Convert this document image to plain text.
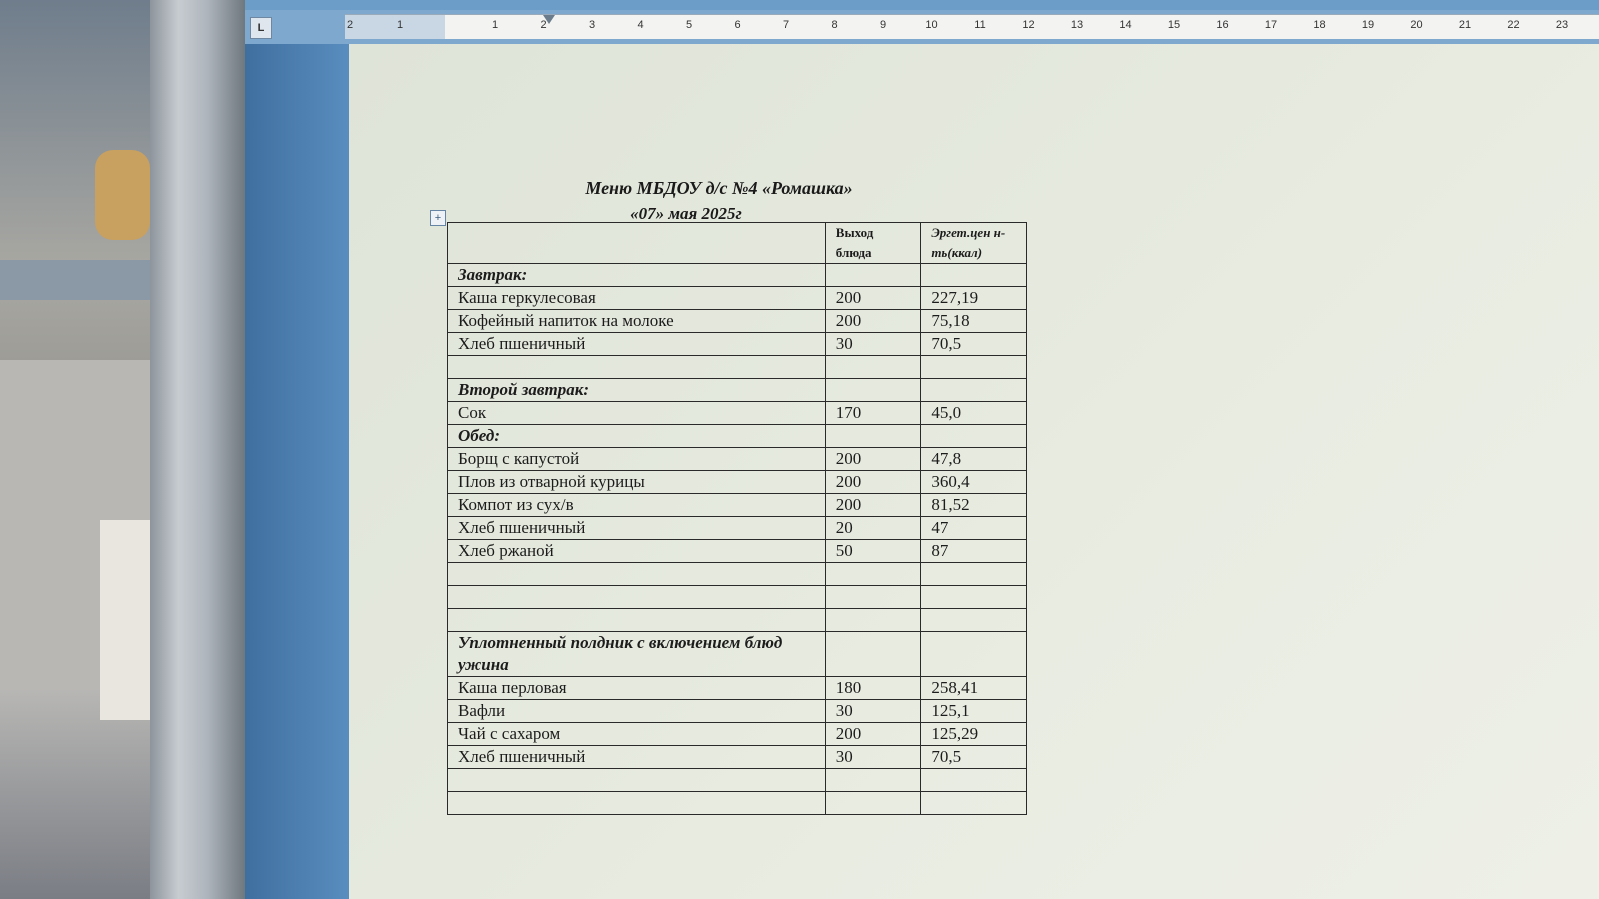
L	2	1	1	2	3	4	5	6	7	8	9	10	11	12	13	14	15	16	17	18	19	20	21	22	23
Меню МБДОУ д/с №4 «Ромашка»
«07» мая 2025г
+
	Выход блюда	Эргет.цен н-ть(ккал)
Завтрак:		
Каша геркулесовая	200	227,19
Кофейный напиток на молоке	200	75,18
Хлеб пшеничный	30	70,5

Второй завтрак:		
Сок	170	45,0
Обед:		
Борщ с капустой	200	47,8
Плов из отварной курицы	200	360,4
Компот из сух/в	200	81,52
Хлеб пшеничный	20	47
Хлеб ржаной	50	87

Уплотненный полдник с включением блюд ужина		
Каша перловая	180	258,41
Вафли	30	125,1
Чай с сахаром	200	125,29
Хлеб пшеничный	30	70,5
